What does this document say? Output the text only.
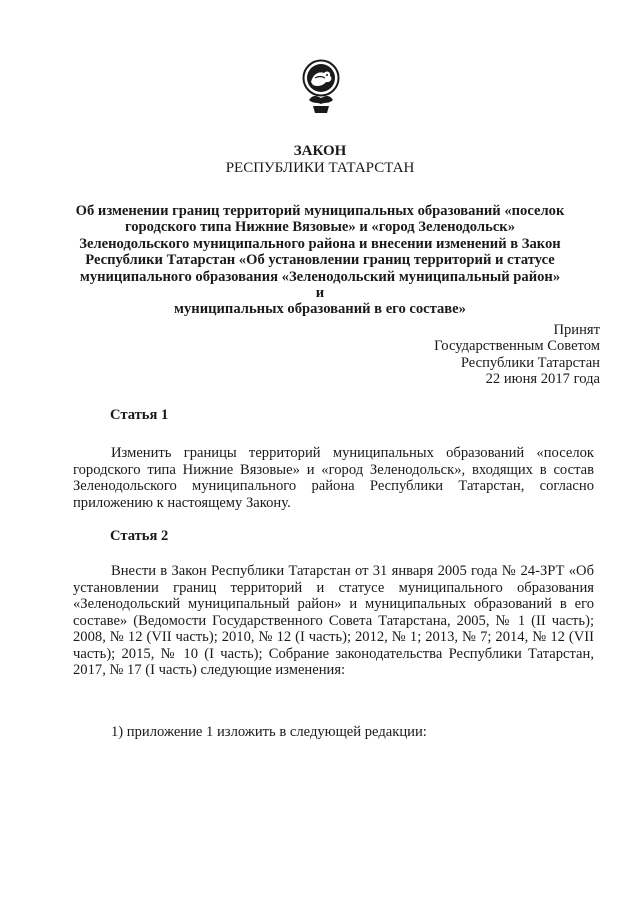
ЗАКОН
РЕСПУБЛИКИ ТАТАРСТАН
Об изменении границ территорий муниципальных образований «поселок
городского типа Нижние Вязовые» и «город Зеленодольск»
Зеленодольского муниципального района и внесении изменений в Закон
Республики Татарстан «Об установлении границ территорий и статусе
муниципального образования «Зеленодольский муниципальный район» и
муниципальных образований в его составе»
Принят
Государственным Советом
Республики Татарстан
22 июня 2017 года
Статья 1

Изменить границы территорий муниципальных образований «поселок городского типа Нижние Вязовые» и «город Зеленодольск», входящих в состав Зеленодольского муниципального района Республики Татарстан, согласно приложению к настоящему Закону.

Статья 2

Внести в Закон Республики Татарстан от 31 января 2005 года № 24-ЗРТ «Об установлении границ территорий и статусе муниципального образования «Зеленодольский муниципальный район» и муниципальных образований в его составе» (Ведомости Государственного Совета Татарстана, 2005, № 1 (II часть); 2008, № 12 (VII часть); 2010, № 12 (I часть); 2012, № 1; 2013, № 7; 2014, № 12 (VII часть); 2015, № 10 (I часть); Собрание законодательства Республики Татарстан, 2017, № 17 (I часть) следующие изменения:

1) приложение 1 изложить в следующей редакции:
